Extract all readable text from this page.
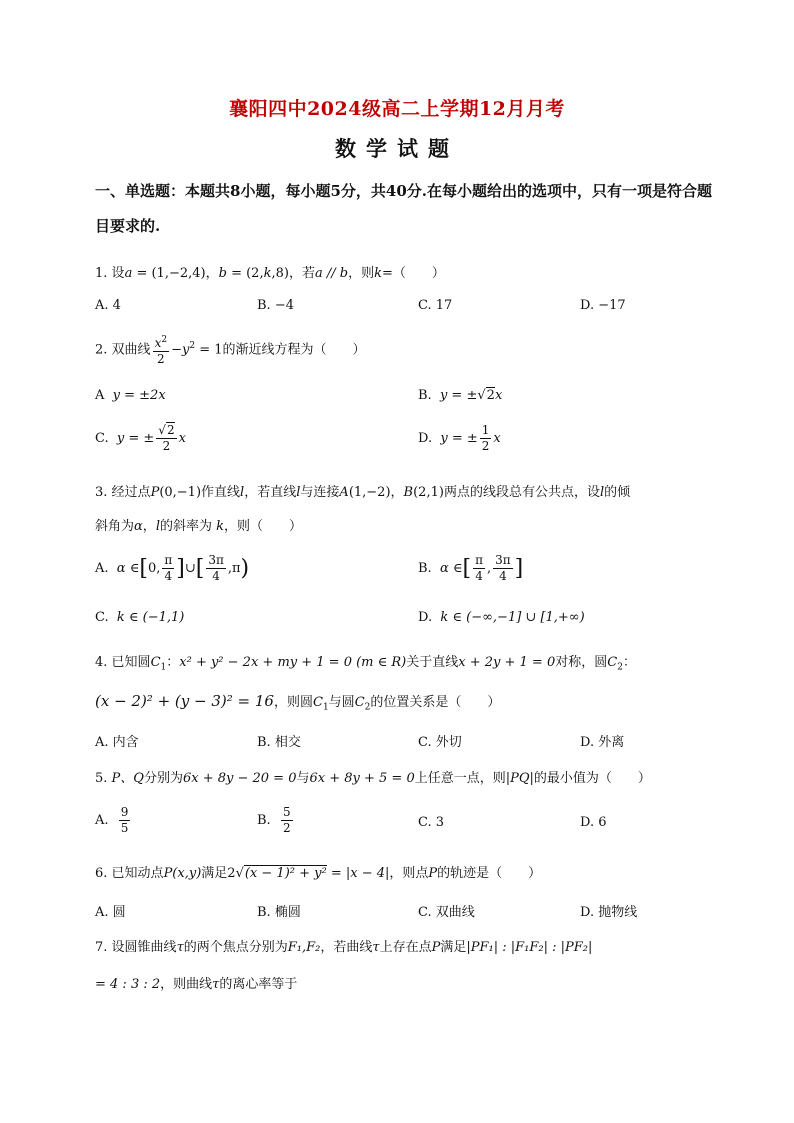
襄阳四中2024级高二上学期12月月考
数学试题
一、单选题：本题共8小题，每小题5分，共40分.在每小题给出的选项中，只有一项是符合题目要求的.
1. 设a = (1,−2,4)，b = (2,k,8)，若a // b，则k=（　　）
A. 4	B. −4	C. 17	D. −17
2. 双曲线 $\frac{x^2}{2} -y^2 = 1$的渐近线方程为（　　）
A y = ±2x	B. y = ±√2x
C. y = ± $\frac{√2}{2}$ x	D. y = ± $\frac{1}{2}$ x
3. 经过点P(0,−1)作直线l，若直线l与连接A(1,−2)，B(2,1)两点的线段总有公共点，设l的倾
斜角为α，l的斜率为 k，则（　　）
A. α ∈[0, $\frac{\pi}{4}$ ]∪[ $\frac{3\pi}{4} ,\pi$)	B. α ∈[ $\frac{\pi}{4}$ , $\frac{3\pi}{4}$ ]
C. k ∈ (−1,1)	D. k ∈ (−∞,−1] ∪ [1,+∞)
4. 已知圆$C_1$：x² + y² − 2x + my + 1 = 0 (m ∈ R)关于直线x + 2y + 1 = 0对称，圆$C_2$：
(x − 2)² + (y − 3)² = 16，则圆$C_1$与圆$C_2$的位置关系是（　　）
A. 内含	B. 相交	C. 外切	D. 外离
5. P、Q分别为6x + 8y − 20 = 0与6x + 8y + 5 = 0上任意一点，则|PQ|的最小值为（　　）
A. $\frac{9}{5}$	B. $\frac{5}{2}$	C. 3	D. 6
6. 已知动点P(x,y)满足2√(x − 1)² + y² = |x − 4|，则点P的轨迹是（　　）
A. 圆	B. 椭圆	C. 双曲线	D. 抛物线
7. 设圆锥曲线τ的两个焦点分别为F₁,F₂，若曲线τ上存在点P满足|PF₁| : |F₁F₂| : |PF₂|
= 4 : 3 : 2，则曲线τ的离心率等于
